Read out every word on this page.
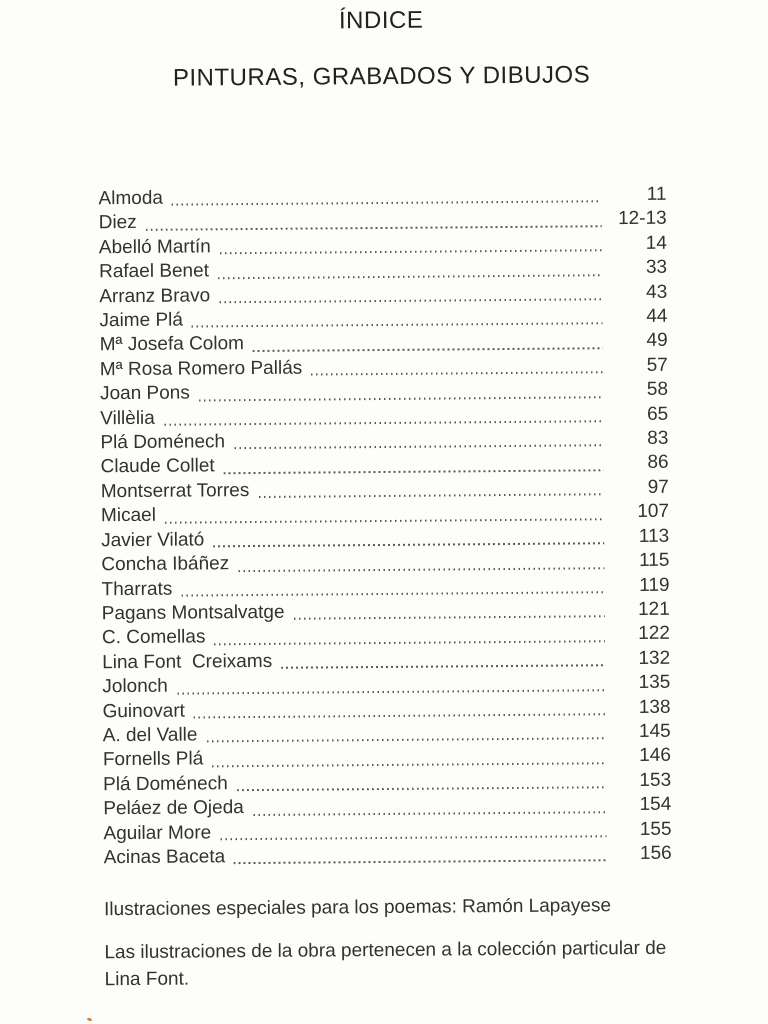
ÍNDICE
PINTURAS, GRABADOS Y DIBUJOS
Almoda	11
Diez	12-13
Abelló Martín	14
Rafael Benet	33
Arranz Bravo	43
Jaime Plá	44
Mª Josefa Colom	49
Mª Rosa Romero Pallás	57
Joan Pons	58
Villèlia	65
Plá Doménech	83
Claude Collet	86
Montserrat Torres	97
Micael	107
Javier Vilató	113
Concha Ibáñez	115
Tharrats	119
Pagans Montsalvatge	121
C. Comellas	122
Lina Font  Creixams	132
Jolonch	135
Guinovart	138
A. del Valle	145
Fornells Plá	146
Plá Doménech	153
Peláez de Ojeda	154
Aguilar More	155
Acinas Baceta	156

Ilustraciones especiales para los poemas: Ramón Lapayese

Las ilustraciones de la obra pertenecen a la colección particular de Lina Font.
